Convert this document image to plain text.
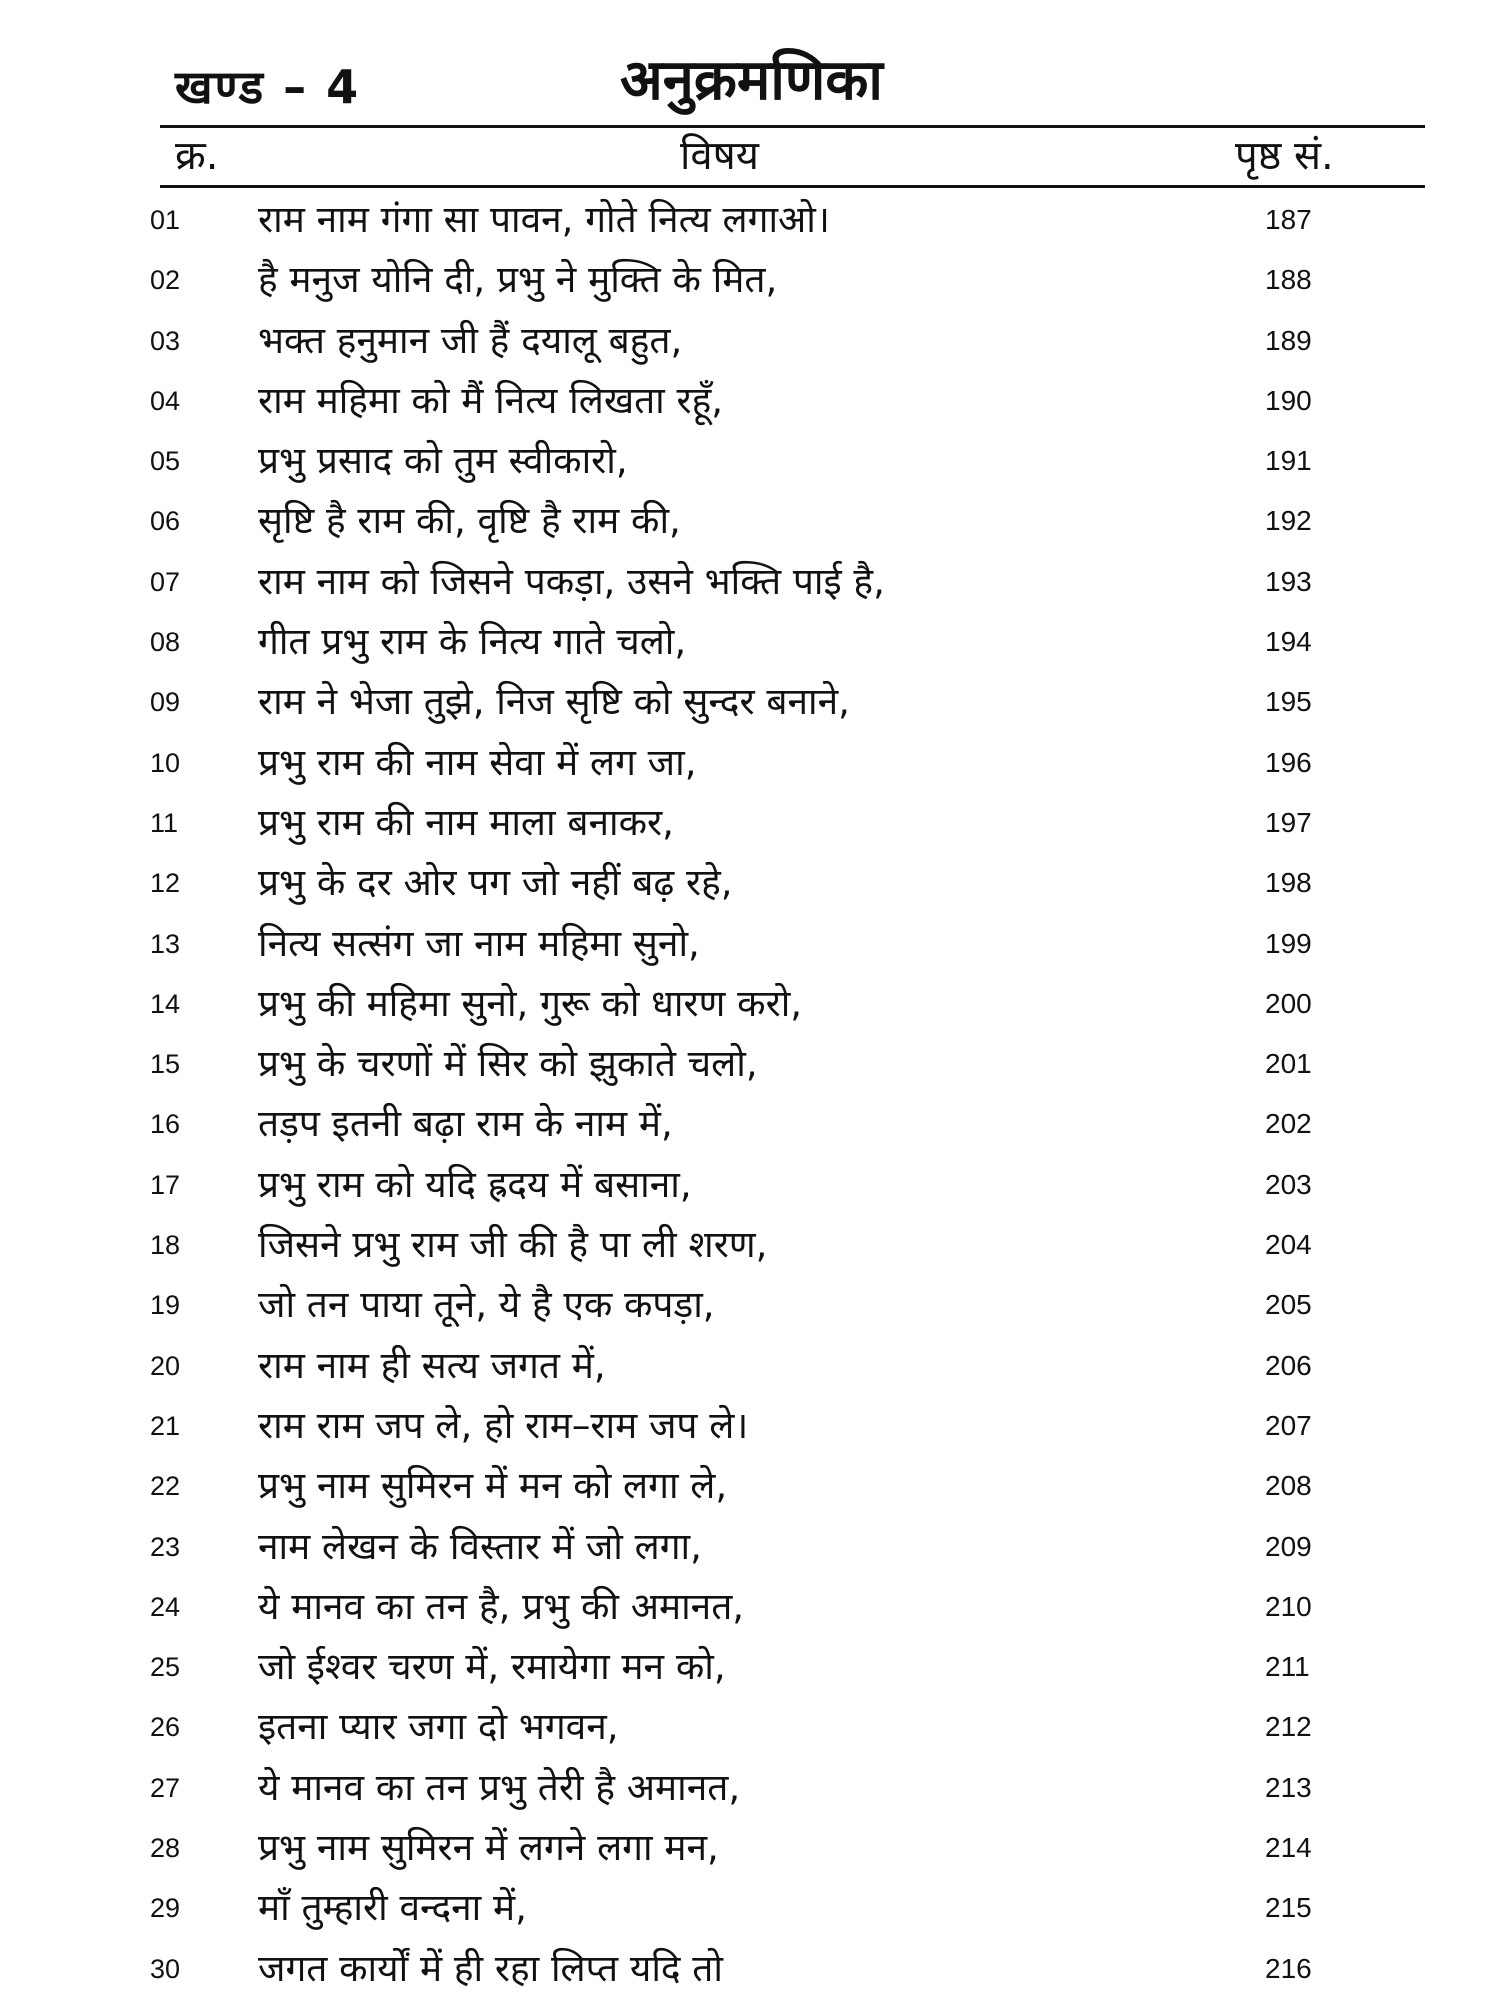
खण्ड – 4	अनुक्रमणिका
क्र.	विषय	पृष्ठ सं.
01	राम नाम गंगा सा पावन, गोते नित्य लगाओ।	187
02	है मनुज योनि दी, प्रभु ने मुक्ति के मित,	188
03	भक्त हनुमान जी हैं दयालू बहुत,	189
04	राम महिमा को मैं नित्य लिखता रहूँ,	190
05	प्रभु प्रसाद को तुम स्वीकारो,	191
06	सृष्टि है राम की, वृष्टि है राम की,	192
07	राम नाम को जिसने पकड़ा, उसने भक्ति पाई है,	193
08	गीत प्रभु राम के नित्य गाते चलो,	194
09	राम ने भेजा तुझे, निज सृष्टि को सुन्दर बनाने,	195
10	प्रभु राम की नाम सेवा में लग जा,	196
11	प्रभु राम की नाम माला बनाकर,	197
12	प्रभु के दर ओर पग जो नहीं बढ़ रहे,	198
13	नित्य सत्संग जा नाम महिमा सुनो,	199
14	प्रभु की महिमा सुनो, गुरू को धारण करो,	200
15	प्रभु के चरणों में सिर को झुकाते चलो,	201
16	तड़प इतनी बढ़ा राम के नाम में,	202
17	प्रभु राम को यदि ह्रदय में बसाना,	203
18	जिसने प्रभु राम जी की है पा ली शरण,	204
19	जो तन पाया तूने, ये है एक कपड़ा,	205
20	राम नाम ही सत्य जगत में,	206
21	राम राम जप ले, हो राम–राम जप ले।	207
22	प्रभु नाम सुमिरन में मन को लगा ले,	208
23	नाम लेखन के विस्तार में जो लगा,	209
24	ये मानव का तन है, प्रभु की अमानत,	210
25	जो ईश्वर चरण में, रमायेगा मन को,	211
26	इतना प्यार जगा दो भगवन,	212
27	ये मानव का तन प्रभु तेरी है अमानत,	213
28	प्रभु नाम सुमिरन में लगने लगा मन,	214
29	माँ तुम्हारी वन्दना में,	215
30	जगत कार्यों में ही रहा लिप्त यदि तो	216
